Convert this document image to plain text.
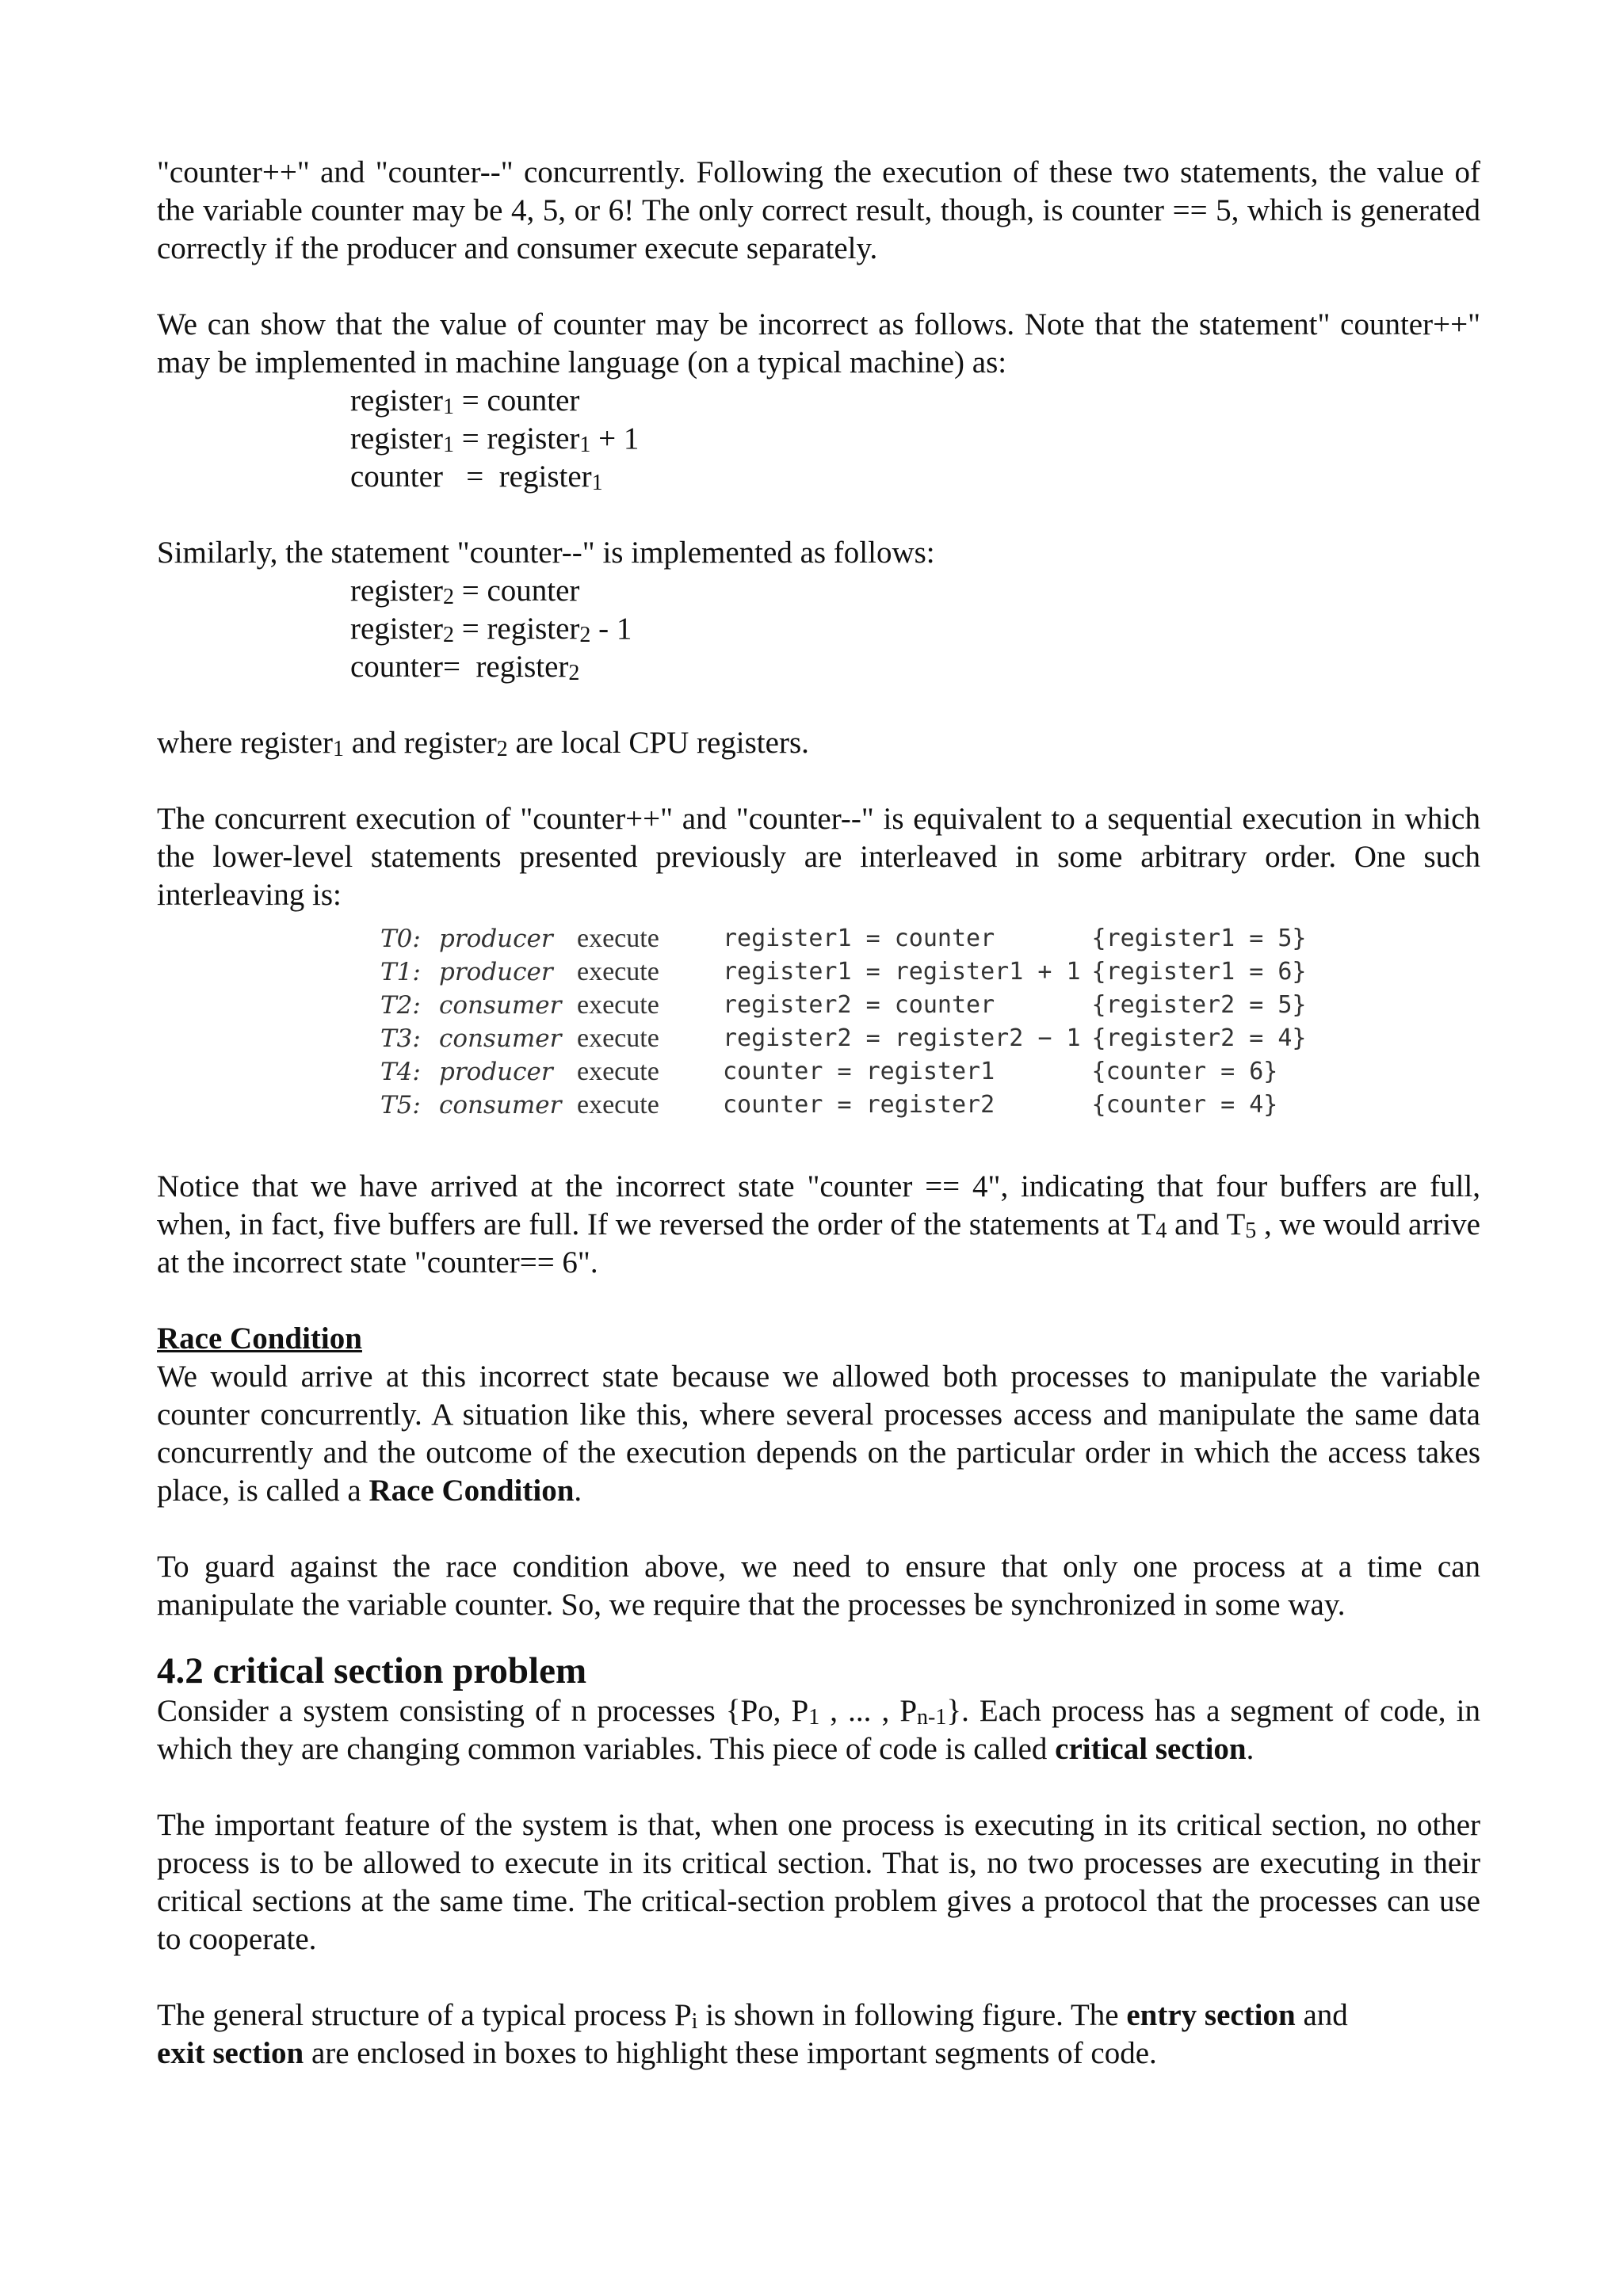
"counter++" and "counter--" concurrently. Following the execution of these two statements, the value of the variable counter may be 4, 5, or 6! The only correct result, though, is counter == 5, which is generated correctly if the producer and consumer execute separately.

We can show that the value of counter may be incorrect as follows. Note that the statement" counter++" may be implemented in machine language (on a typical machine) as:

register$_1$ = counter
register$_1$ = register$_1$ + 1
counter   =  register$_1$

Similarly, the statement "counter--" is implemented as follows:

register$_2$ = counter
register$_2$ = register$_2$ - 1
counter=  register$_2$

where register$_1$ and register$_2$ are local CPU registers.

The concurrent execution of "counter++" and "counter--" is equivalent to a sequential execution in which the lower-level statements presented previously are interleaved in some arbitrary order. One such interleaving is:

T0:	producer	execute	register1 = counter	{register1 = 5}
T1:	producer	execute	register1 = register1 + 1	{register1 = 6}
T2:	consumer	execute	register2 = counter	{register2 = 5}
T3:	consumer	execute	register2 = register2 − 1	{register2 = 4}
T4:	producer	execute	counter = register1	{counter = 6}
T5:	consumer	execute	counter = register2	{counter = 4}

Notice that we have arrived at the incorrect state "counter == 4", indicating that four buffers are full, when, in fact, five buffers are full. If we reversed the order of the statements at $T_4$ and $T_5$ , we would arrive at the incorrect state "counter== 6".

Race Condition

We would arrive at this incorrect state because we allowed both processes to manipulate the variable counter concurrently. A situation like this, where several processes access and manipulate the same data concurrently and the outcome of the execution depends on the particular order in which the access takes place, is called a Race Condition.

To guard against the race condition above, we need to ensure that only one process at a time can manipulate the variable counter. So, we require that the processes be synchronized in some way.

4.2 critical section problem

Consider a system consisting of n processes {Po, $P_1$ , ... , $P_{n-1}$}. Each process has a segment of code, in which they are changing common variables. This piece of code is called critical section.

The important feature of the system is that, when one process is executing in its critical section, no other process is to be allowed to execute in its critical section. That is, no two processes are executing in their critical sections at the same time. The critical-section problem gives a protocol that the processes can use to cooperate.

The general structure of a typical process $P_i$ is shown in following figure. The entry section and
exit section are enclosed in boxes to highlight these important segments of code.
